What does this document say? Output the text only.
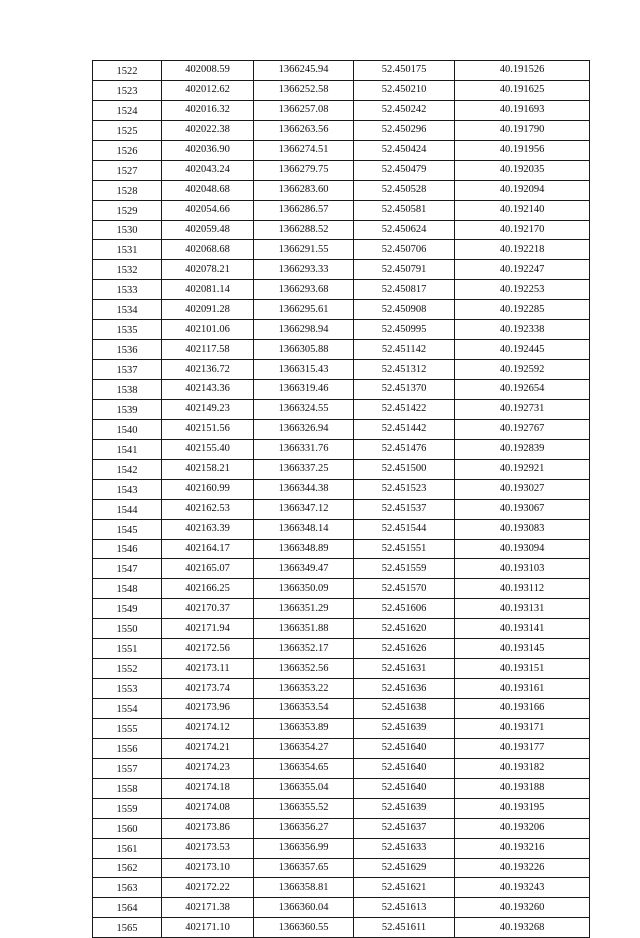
1522	402008.59	1366245.94	52.450175	40.191526
1523	402012.62	1366252.58	52.450210	40.191625
1524	402016.32	1366257.08	52.450242	40.191693
1525	402022.38	1366263.56	52.450296	40.191790
1526	402036.90	1366274.51	52.450424	40.191956
1527	402043.24	1366279.75	52.450479	40.192035
1528	402048.68	1366283.60	52.450528	40.192094
1529	402054.66	1366286.57	52.450581	40.192140
1530	402059.48	1366288.52	52.450624	40.192170
1531	402068.68	1366291.55	52.450706	40.192218
1532	402078.21	1366293.33	52.450791	40.192247
1533	402081.14	1366293.68	52.450817	40.192253
1534	402091.28	1366295.61	52.450908	40.192285
1535	402101.06	1366298.94	52.450995	40.192338
1536	402117.58	1366305.88	52.451142	40.192445
1537	402136.72	1366315.43	52.451312	40.192592
1538	402143.36	1366319.46	52.451370	40.192654
1539	402149.23	1366324.55	52.451422	40.192731
1540	402151.56	1366326.94	52.451442	40.192767
1541	402155.40	1366331.76	52.451476	40.192839
1542	402158.21	1366337.25	52.451500	40.192921
1543	402160.99	1366344.38	52.451523	40.193027
1544	402162.53	1366347.12	52.451537	40.193067
1545	402163.39	1366348.14	52.451544	40.193083
1546	402164.17	1366348.89	52.451551	40.193094
1547	402165.07	1366349.47	52.451559	40.193103
1548	402166.25	1366350.09	52.451570	40.193112
1549	402170.37	1366351.29	52.451606	40.193131
1550	402171.94	1366351.88	52.451620	40.193141
1551	402172.56	1366352.17	52.451626	40.193145
1552	402173.11	1366352.56	52.451631	40.193151
1553	402173.74	1366353.22	52.451636	40.193161
1554	402173.96	1366353.54	52.451638	40.193166
1555	402174.12	1366353.89	52.451639	40.193171
1556	402174.21	1366354.27	52.451640	40.193177
1557	402174.23	1366354.65	52.451640	40.193182
1558	402174.18	1366355.04	52.451640	40.193188
1559	402174.08	1366355.52	52.451639	40.193195
1560	402173.86	1366356.27	52.451637	40.193206
1561	402173.53	1366356.99	52.451633	40.193216
1562	402173.10	1366357.65	52.451629	40.193226
1563	402172.22	1366358.81	52.451621	40.193243
1564	402171.38	1366360.04	52.451613	40.193260
1565	402171.10	1366360.55	52.451611	40.193268
